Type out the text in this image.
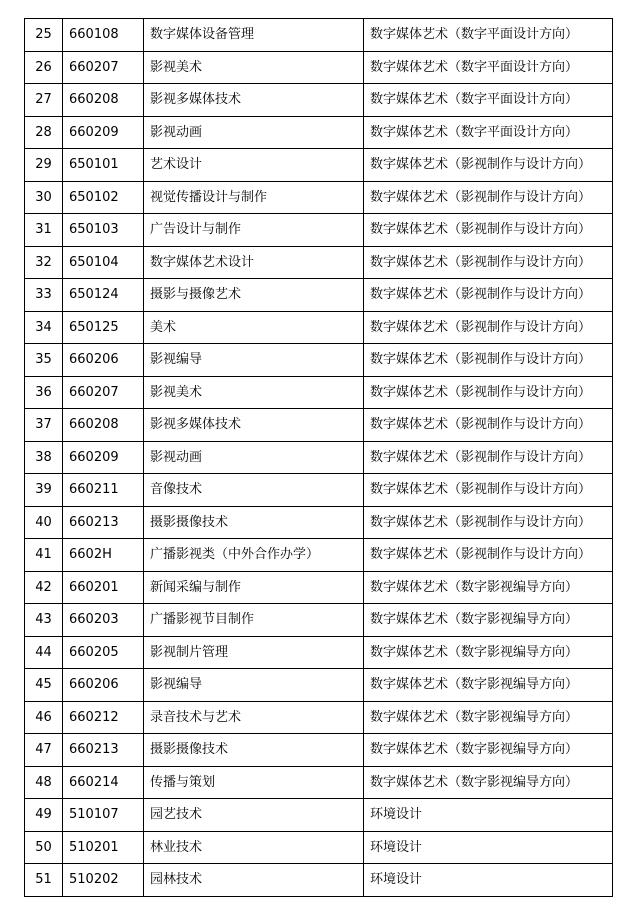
25	660108	数字媒体设备管理	数字媒体艺术（数字平面设计方向）
26	660207	影视美术	数字媒体艺术（数字平面设计方向）
27	660208	影视多媒体技术	数字媒体艺术（数字平面设计方向）
28	660209	影视动画	数字媒体艺术（数字平面设计方向）
29	650101	艺术设计	数字媒体艺术（影视制作与设计方向）
30	650102	视觉传播设计与制作	数字媒体艺术（影视制作与设计方向）
31	650103	广告设计与制作	数字媒体艺术（影视制作与设计方向）
32	650104	数字媒体艺术设计	数字媒体艺术（影视制作与设计方向）
33	650124	摄影与摄像艺术	数字媒体艺术（影视制作与设计方向）
34	650125	美术	数字媒体艺术（影视制作与设计方向）
35	660206	影视编导	数字媒体艺术（影视制作与设计方向）
36	660207	影视美术	数字媒体艺术（影视制作与设计方向）
37	660208	影视多媒体技术	数字媒体艺术（影视制作与设计方向）
38	660209	影视动画	数字媒体艺术（影视制作与设计方向）
39	660211	音像技术	数字媒体艺术（影视制作与设计方向）
40	660213	摄影摄像技术	数字媒体艺术（影视制作与设计方向）
41	6602H	广播影视类（中外合作办学）	数字媒体艺术（影视制作与设计方向）
42	660201	新闻采编与制作	数字媒体艺术（数字影视编导方向）
43	660203	广播影视节目制作	数字媒体艺术（数字影视编导方向）
44	660205	影视制片管理	数字媒体艺术（数字影视编导方向）
45	660206	影视编导	数字媒体艺术（数字影视编导方向）
46	660212	录音技术与艺术	数字媒体艺术（数字影视编导方向）
47	660213	摄影摄像技术	数字媒体艺术（数字影视编导方向）
48	660214	传播与策划	数字媒体艺术（数字影视编导方向）
49	510107	园艺技术	环境设计
50	510201	林业技术	环境设计
51	510202	园林技术	环境设计
